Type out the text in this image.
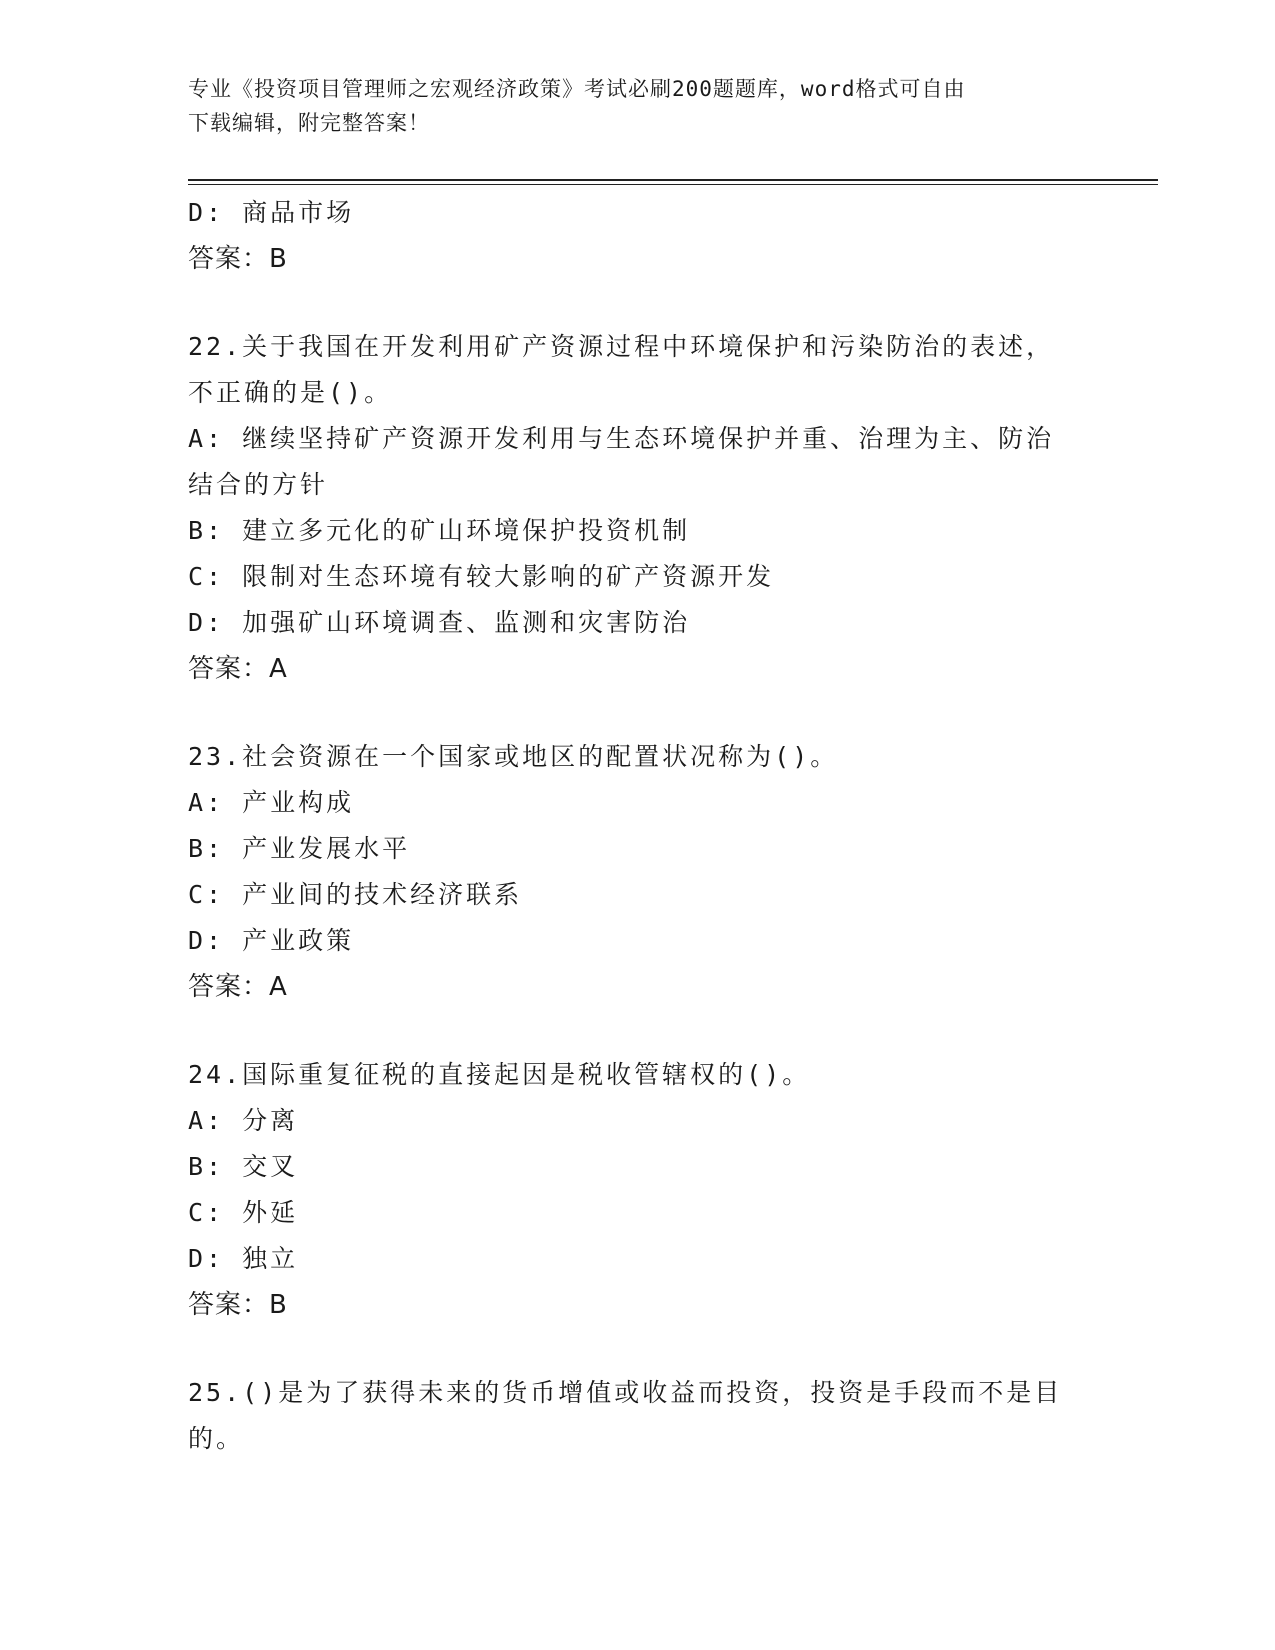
专业《投资项目管理师之宏观经济政策》考试必刷200题题库，word格式可自由
下载编辑，附完整答案！
D: 商品市场
答案：B
22.关于我国在开发利用矿产资源过程中环境保护和污染防治的表述，
不正确的是()。
A: 继续坚持矿产资源开发利用与生态环境保护并重、治理为主、防治
结合的方针
B: 建立多元化的矿山环境保护投资机制
C: 限制对生态环境有较大影响的矿产资源开发
D: 加强矿山环境调查、监测和灾害防治
答案：A
23.社会资源在一个国家或地区的配置状况称为()。
A: 产业构成
B: 产业发展水平
C: 产业间的技术经济联系
D: 产业政策
答案：A
24.国际重复征税的直接起因是税收管辖权的()。
A: 分离
B: 交叉
C: 外延
D: 独立
答案：B
25.()是为了获得未来的货币增值或收益而投资，投资是手段而不是目
的。
